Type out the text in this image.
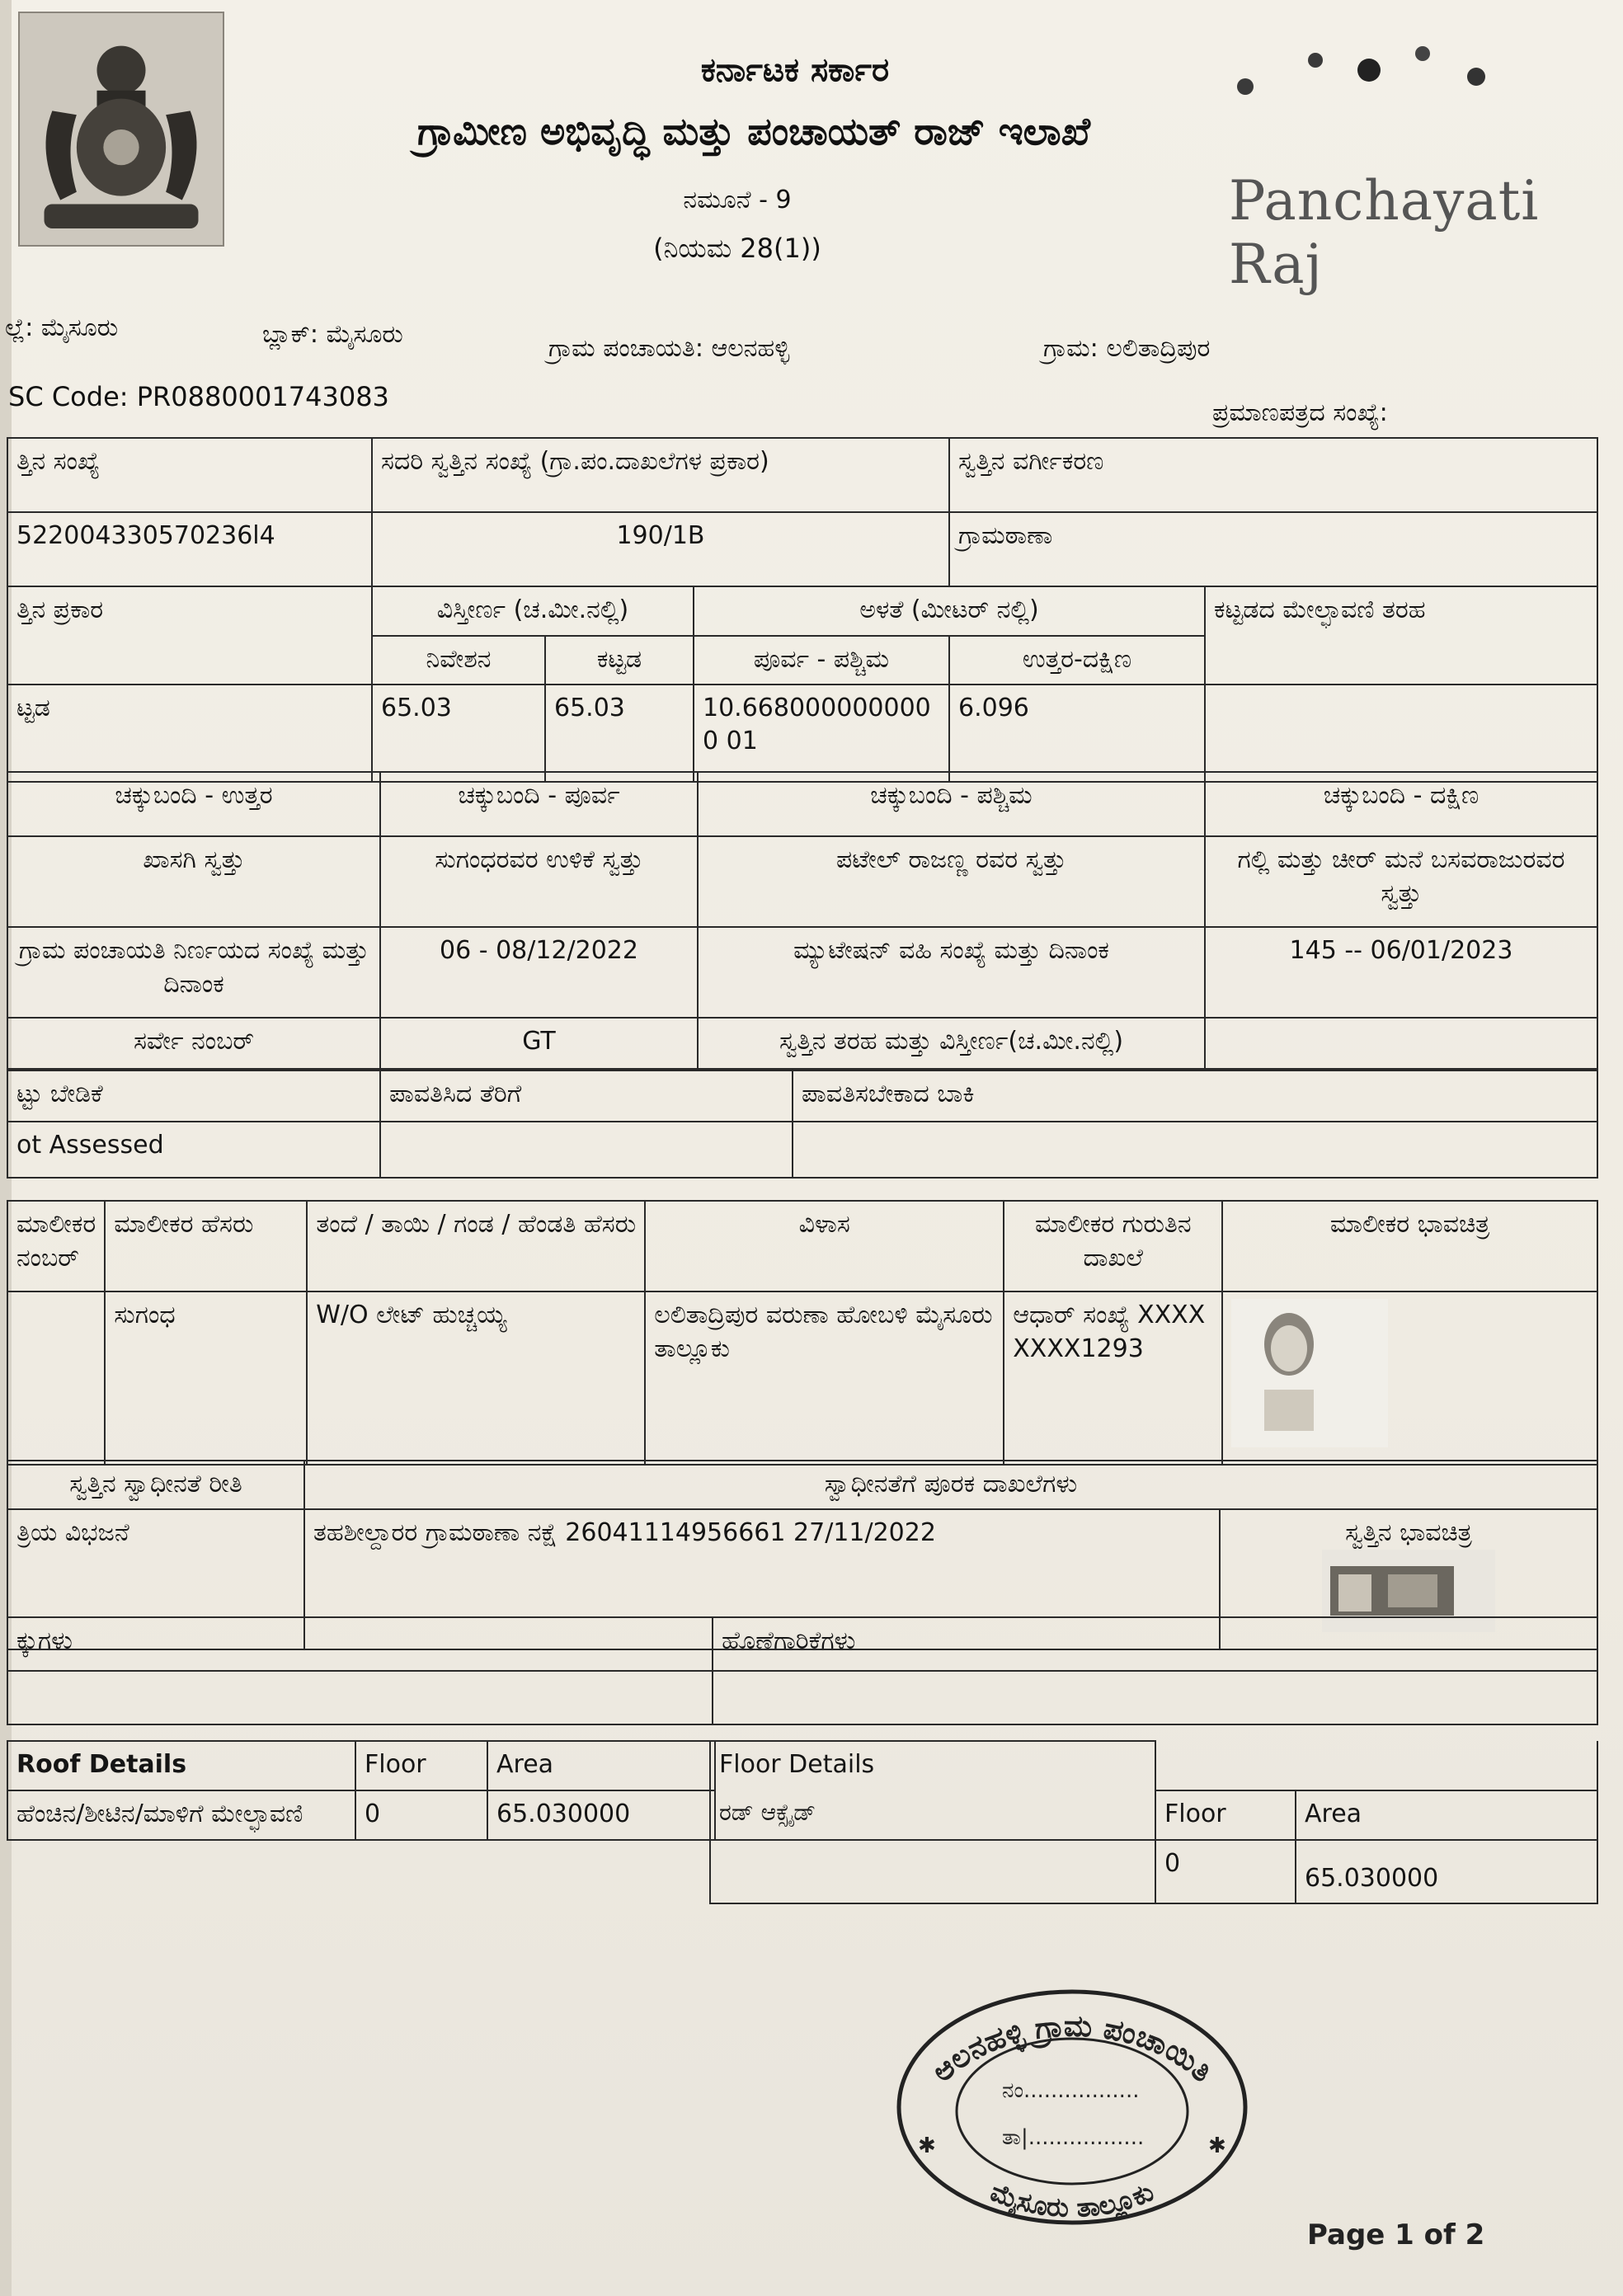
ಕರ್ನಾಟಕ ಸರ್ಕಾರ
ಗ್ರಾಮೀಣ ಅಭಿವೃದ್ಧಿ ಮತ್ತು ಪಂಚಾಯತ್ ರಾಜ್ ಇಲಾಖೆ
ನಮೂನೆ - 9
(ನಿಯಮ 28(1))
Panchayati Raj
ಲ್ಲೆ: ಮೈಸೂರು	ಬ್ಲಾಕ್: ಮೈಸೂರು	ಗ್ರಾಮ ಪಂಚಾಯತಿ: ಆಲನಹಳ್ಳಿ	ಗ್ರಾಮ: ಲಲಿತಾದ್ರಿಪುರ
SC Code: PR0880001743083
ಪ್ರಮಾಣಪತ್ರದ ಸಂಖ್ಯೆ:
ತ್ತಿನ ಸಂಖ್ಯೆ	ಸದರಿ ಸ್ವತ್ತಿನ ಸಂಖ್ಯೆ (ಗ್ರಾ.ಪಂ.ದಾಖಲೆಗಳ ಪ್ರಕಾರ)	ಸ್ವತ್ತಿನ ವರ್ಗೀಕರಣ
522004330570236l4	190/1B	ಗ್ರಾಮಠಾಣಾ
ತ್ತಿನ ಪ್ರಕಾರ	ವಿಸ್ತೀರ್ಣ (ಚ.ಮೀ.ನಲ್ಲಿ)		ಅಳತೆ (ಮೀಟರ್ ನಲ್ಲಿ)		ಕಟ್ಟಡದ ಮೇಲ್ಛಾವಣಿ ತರಹ
	ನಿವೇಶನ	ಕಟ್ಟಡ	ಪೂರ್ವ - ಪಶ್ಚಿಮ	ಉತ್ತರ-ದಕ್ಷಿಣ	
ಟ್ಟಡ	65.03	65.03	10.6680000000000 01	6.096	
ಚಕ್ಕುಬಂದಿ - ಉತ್ತರ	ಚಕ್ಕುಬಂದಿ - ಪೂರ್ವ	ಚಕ್ಕುಬಂದಿ - ಪಶ್ಚಿಮ	ಚಕ್ಕುಬಂದಿ - ದಕ್ಷಿಣ
ಖಾಸಗಿ ಸ್ವತ್ತು	ಸುಗಂಧರವರ ಉಳಿಕೆ ಸ್ವತ್ತು	ಪಟೇಲ್ ರಾಜಣ್ಣ ರವರ ಸ್ವತ್ತು	ಗಲ್ಲಿ ಮತ್ತು ಚೀರ್ ಮನೆ ಬಸವರಾಜುರವರ ಸ್ವತ್ತು
ಗ್ರಾಮ ಪಂಚಾಯತಿ ನಿರ್ಣಯದ ಸಂಖ್ಯೆ ಮತ್ತು ದಿನಾಂಕ	06 - 08/12/2022	ಮ್ಯುಟೇಷನ್ ವಹಿ ಸಂಖ್ಯೆ ಮತ್ತು ದಿನಾಂಕ	145 -- 06/01/2023
ಸರ್ವೇ ನಂಬರ್	GT	ಸ್ವತ್ತಿನ ತರಹ ಮತ್ತು ವಿಸ್ತೀರ್ಣ(ಚ.ಮೀ.ನಲ್ಲಿ)	
ಟ್ಟು ಬೇಡಿಕೆ	ಪಾವತಿಸಿದ ತೆರಿಗೆ	ಪಾವತಿಸಬೇಕಾದ ಬಾಕಿ
ot Assessed		
ಮಾಲೀಕರ ನಂಬರ್	ಮಾಲೀಕರ ಹೆಸರು	ತಂದೆ / ತಾಯಿ / ಗಂಡ / ಹೆಂಡತಿ ಹೆಸರು	ವಿಳಾಸ	ಮಾಲೀಕರ ಗುರುತಿನ ದಾಖಲೆ	ಮಾಲೀಕರ ಭಾವಚಿತ್ರ
	ಸುಗಂಧ	W/O ಲೇಟ್ ಹುಚ್ಚಯ್ಯ	ಲಲಿತಾದ್ರಿಪುರ ವರುಣಾ ಹೋಬಳಿ ಮೈಸೂರು ತಾಲ್ಲೂಕು	ಆಧಾರ್ ಸಂಖ್ಯೆ XXXXXXXX1293	
ಸ್ವತ್ತಿನ ಸ್ವಾಧೀನತೆ ರೀತಿ	ಸ್ವಾಧೀನತೆಗೆ ಪೂರಕ ದಾಖಲೆಗಳು	
ತ್ರಿಯ ವಿಭಜನೆ	ತಹಶೀಲ್ದಾರರ ಗ್ರಾಮಠಾಣಾ ನಕ್ಷೆ 26041114956661 27/11/2022	ಸ್ವತ್ತಿನ ಭಾವಚಿತ್ರ
ಕ್ಕುಗಳು	ಹೊಣೆಗಾರಿಕೆಗಳು

Roof Details	Floor	Area
ಹೆಂಚಿನ/ಶೀಟಿನ/ಮಾಳಿಗೆ ಮೇಲ್ಛಾವಣಿ	0	65.030000
Floor Details
ರಡ್ ಆಕ್ಸೈಡ್		

	Floor	Area
	0	65.030000
ಆಲನಹಳ್ಳಿ ಗ್ರಾಮ ಪಂಚಾಯಿತಿ
ನಂ.................
ತಾ|.................
ಮೈಸೂರು ತಾಲ್ಲೂಕು
✱	✱
Page 1 of 2
